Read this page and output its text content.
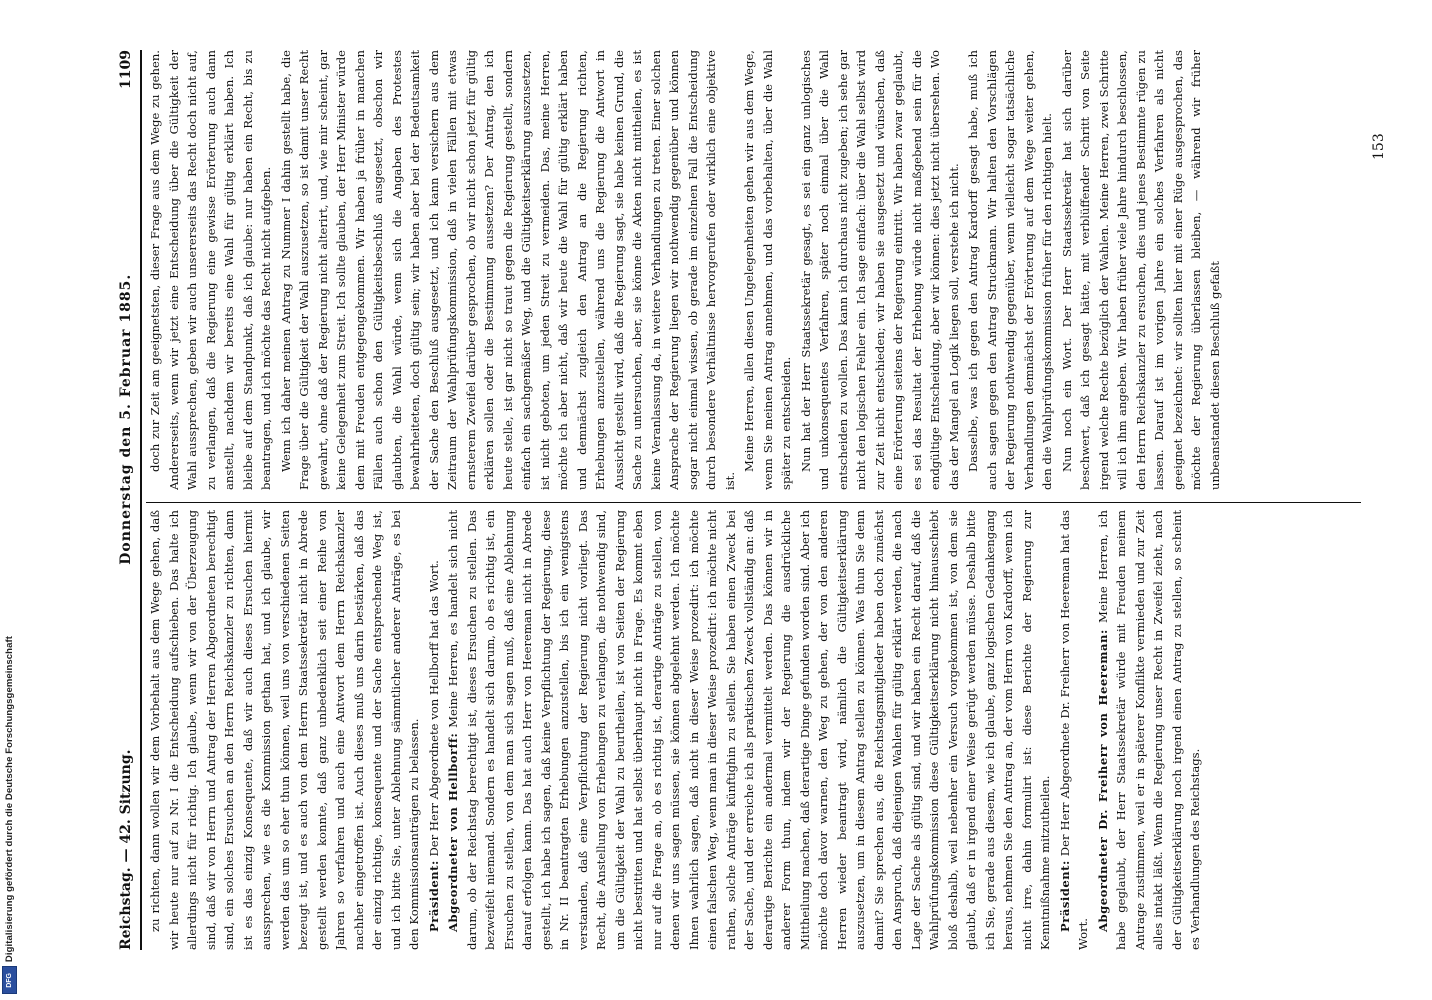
Digitalisierung gefördert durch die Deutsche Forschungsgemeinschaft
DFG
Reichstag. — 42. Sitzung.
Donnerstag den 5. Februar 1885.
1109

zu richten, dann wollen wir dem Vorbehalt aus dem Wege gehen, daß wir heute nur auf zu Nr. I die Entscheidung aufschieben. Das halte ich allerdings nicht für richtig. Ich glaube, wenn wir von der Überzeugung sind, daß wir von Herrn und Antrag der Herren Abgeordneten berechtigt sind, ein solches Ersuchen an den Herrn Reichskanzler zu richten, dann ist es das einzig Konsequente, daß wir auch dieses Ersuchen hiermit aussprechen, wie es die Kommission gethan hat, und ich glaube, wir werden das um so eher thun können, weil uns von verschiedenen Seiten bezeugt ist, und es auch von dem Herrn Staatssekretär nicht in Abrede gestellt werden konnte, daß ganz unbedenklich seit einer Reihe von Jahren so verfahren und auch eine Antwort dem Herrn Reichskanzler nachher eingetroffen ist. Auch dieses muß uns darin bestärken, daß das der einzig richtige, konsequente und der Sache entsprechende Weg ist, und ich bitte Sie, unter Ablehnung sämmtlicher anderer Anträge, es bei den Kommissionsanträgen zu belassen. Präsident: Der Herr Abgeordnete von Hellborff hat das Wort. Abgeordneter von Hellborff: Meine Herren, es handelt sich nicht darum, ob der Reichstag berechtigt ist, dieses Ersuchen zu stellen. Das bezweifelt niemand. Sondern es handelt sich darum, ob es richtig ist, ein Ersuchen zu stellen, von dem man sich sagen muß, daß eine Ablehnung darauf erfolgen kann. Das hat auch Herr von Heereman nicht in Abrede gestellt, ich habe ich sagen, daß keine Verpflichtung der Regierung, diese in Nr. II beantragten Erhebungen anzustellen, bis ich ein wenigstens verstanden, daß eine Verpflichtung der Regierung nicht vorliegt. Das Recht, die Anstellung von Erhebungen zu verlangen, die nothwendig sind, um die Gültigkeit der Wahl zu beurtheilen, ist von Seiten der Regierung nicht bestritten und hat selbst überhaupt nicht in Frage. Es kommt eben nur auf die Frage an, ob es richtig ist, derartige Anträge zu stellen, von denen wir uns sagen müssen, sie können abgelehnt werden. Ich möchte Ihnen wahrlich sagen, daß nicht in dieser Weise prozedirt: ich möchte einen falschen Weg, wenn man in dieser Weise prozedirt: ich möchte nicht rathen, solche Anträge künftighin zu stellen. Sie haben einen Zweck bei der Sache, und der erreiche ich als praktischen Zweck vollständig an: daß derartige Berichte ein andermal vermittelt werden. Das können wir in anderer Form thun, indem wir der Regierung die ausdrückliche Mittheilung machen, daß derartige Dinge gefunden worden sind. Aber ich möchte doch davor warnen, den Weg zu gehen, der von den anderen Herren wieder beantragt wird, nämlich die Gültigkeitserklärung auszusetzen, um in diesem Antrag stellen zu können. Was thun Sie denn damit? Sie sprechen aus, die Reichstagsmitglieder haben doch zunächst den Anspruch, daß diejenigen Wahlen für gültig erklärt werden, die nach Lage der Sache als gültig sind, und wir haben ein Recht darauf, daß die Wahlprüfungskommission diese Gültigkeitserklärung nicht hinausschiebt bloß deshalb, weil nebenher ein Versuch vorgekommen ist, von dem sie glaubt, daß er in irgend einer Weise gerügt werden müsse. Deshalb bitte ich Sie, gerade aus diesem, wie ich glaube, ganz logischen Gedankengang heraus, nehmen Sie den Antrag an, der vom Herrn von Kardorff, wenn ich nicht irre, dahin formulirt ist: diese Berichte der Regierung zur Kenntnißnahme mitzutheilen. Präsident: Der Herr Abgeordnete Dr. Freiherr von Heereman hat das Wort.

Abgeordneter Dr. Freiherr von Heereman: Meine Herren, ich habe geglaubt, der Herr Staatssekretär würde mit Freuden meinem Antrage zustimmen, weil er in späterer Konflikte vermieden und zur Zeit alles intakt läßt. Wenn die Regierung unser Recht in Zweifel zieht, nach der Gültigkeitserklärung noch irgend einen Antrag zu stellen, so scheint es Verhandlungen des Reichstags.

doch zur Zeit am geeignetsten, dieser Frage aus dem Wege zu gehen. Andererseits, wenn wir jetzt eine Entscheidung über die Gültigkeit der Wahl aussprechen, geben wir auch unsererseits das Recht doch nicht auf, zu verlangen, daß die Regierung eine gewisse Erörterung auch dann anstellt, nachdem wir bereits eine Wahl für gültig erklärt haben. Ich bleibe auf dem Standpunkt, daß ich glaube: nur haben ein Recht, bis zu beantragen, und ich möchte das Recht nicht aufgeben. Wenn ich daher meinen Antrag zu Nummer I dahin gestellt habe, die Frage über die Gültigkeit der Wahl auszusetzen, so ist damit unser Recht gewahrt, ohne daß der Regierung nicht alterirt, und, wie mir scheint, gar keine Gelegenheit zum Streit. Ich sollte glauben, der Herr Minister würde dem mit Freuden entgegengekommen. Wir haben ja früher in manchen Fällen auch schon den Gültigkeitsbeschluß ausgesetzt, obschon wir glaubten, die Wahl würde, wenn sich die Angaben des Protestes bewahrheiteten, doch gültig sein; wir haben aber bei der Bedeutsamkeit der Sache den Beschluß ausgesetzt, und ich kann versichern aus dem Zeitraum der Wahlprüfungskommission, daß in vielen Fällen mit etwas ernsterem Zweifel darüber gesprochen, ob wir nicht schon jetzt für gültig erklären sollen oder die Bestimmung aussetzen? Der Antrag, den ich heute stelle, ist gar nicht so traut gegen die Regierung gestellt, sondern einfach ein sachgemäßer Weg, und die Gültigkeitserklärung auszusetzen, ist nicht geboten, um jeden Streit zu vermeiden. Das, meine Herren, möchte ich aber nicht, daß wir heute die Wahl für gültig erklärt haben und demnächst zugleich den Antrag an die Regierung richten, Erhebungen anzustellen, während uns die Regierung die Antwort in Aussicht gestellt wird, daß die Regierung sagt, sie habe keinen Grund, die Sache zu untersuchen, aber, sie könne die Akten nicht mittheilen, es ist keine Veranlassung da, in weitere Verhandlungen zu treten. Einer solchen Ansprache der Regierung liegen wir nothwendig gegenüber und können sogar nicht einmal wissen, ob gerade im einzelnen Fall die Entscheidung durch besondere Verhältnisse hervorgerufen oder wirklich eine objektive ist.

Meine Herren, allen diesen Ungelegenheiten gehen wir aus dem Wege, wenn Sie meinen Antrag annehmen, und das vorbehalten, über die Wahl später zu entscheiden. Nun hat der Herr Staatssekretär gesagt, es sei ein ganz unlogisches und unkonsequentes Verfahren, später noch einmal über die Wahl entscheiden zu wollen. Das kann ich durchaus nicht zugeben; ich sehe gar nicht den logischen Fehler ein. Ich sage einfach: über die Wahl selbst wird zur Zeit nicht entschieden; wir haben sie ausgesetzt und wünschen, daß eine Erörterung seitens der Regierung eintritt. Wir haben zwar geglaubt, es sei das Resultat der Erhebung würde nicht maßgebend sein für die endgültige Entscheidung, aber wir können: dies jetzt nicht übersehen. Wo das der Mangel an Logik liegen soll, verstehe ich nicht. Dasselbe, was ich gegen den Antrag Kardorff gesagt habe, muß ich auch sagen gegen den Antrag Struckmann. Wir halten den Vorschlägen der Regierung nothwendig gegenüber, wenn vielleicht sogar tatsächliche Verhandlungen demnächst der Erörterung auf dem Wege weiter gehen, den die Wahlprüfungskommission früher für den richtigen hielt. Nun noch ein Wort. Der Herr Staatssekretär hat sich darüber beschwert, daß ich gesagt hätte, mit verblüffender Schritt von Seite irgend welche Rechte bezüglich der Wahlen. Meine Herren, zwei Schritte will ich ihm angeben. Wir haben früher viele Jahre hindurch beschlossen, den Herrn Reichskanzler zu ersuchen, dies und jenes Bestimmte rügen zu lassen. Darauf ist im vorigen Jahre ein solches Verfahren als nicht geeignet bezeichnet: wir sollten hier mit einer Rüge ausgesprochen, das möchte der Regierung überlassen bleiben, — während wir früher unbeanstandet diesen Beschluß gefaßt

153
